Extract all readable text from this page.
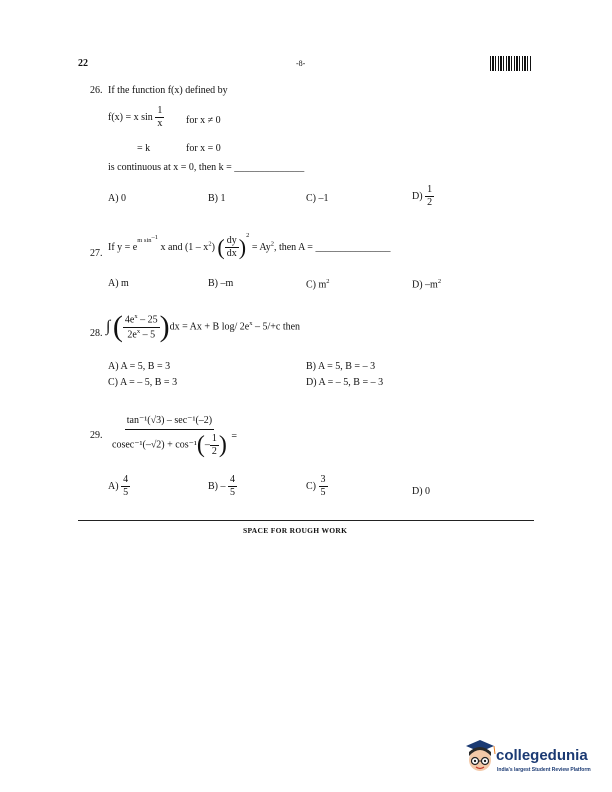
22	-8-
26. If the function f(x) defined by
f(x) = x $\sin \frac{1}{x}$ for x ≠ 0
= k	for x = 0
is continuous at x = 0, then k = ______________
A) 0	B) 1	C) –1	$D) \frac{1}{2}$
27.
If $y = e^{m sin^{-1}}$ x and $(1 - x^2)$ ( $\frac{dy}{dx} )^2 = Ay^2$, then A = _______________
A) m	B) –m	C) $m^2$	D) $-m^2$
28. ∫ ( $\frac{4e^x - 25}{2e^x - 5} )dx = Ax + B$ log/ $2e^x - 5/+c$ then
A) A = 5, B = 3	B) A = 5, B = – 3
C) A = – 5, B = 3	D) A = – 5, B = – 3
29. $\frac{\text{tan⁻¹(√3) – sec⁻¹(–2)}}{cosec^{-1}(-√2) + \cos^{-1}(- \frac{1}{2} )}$ =
$A) \frac{4}{5}$	$B) - \frac{4}{5}$	$C) \frac{3}{5}$	D) 0
SPACE FOR ROUGH WORK
collegedunia
India's largest Student Review Platform
